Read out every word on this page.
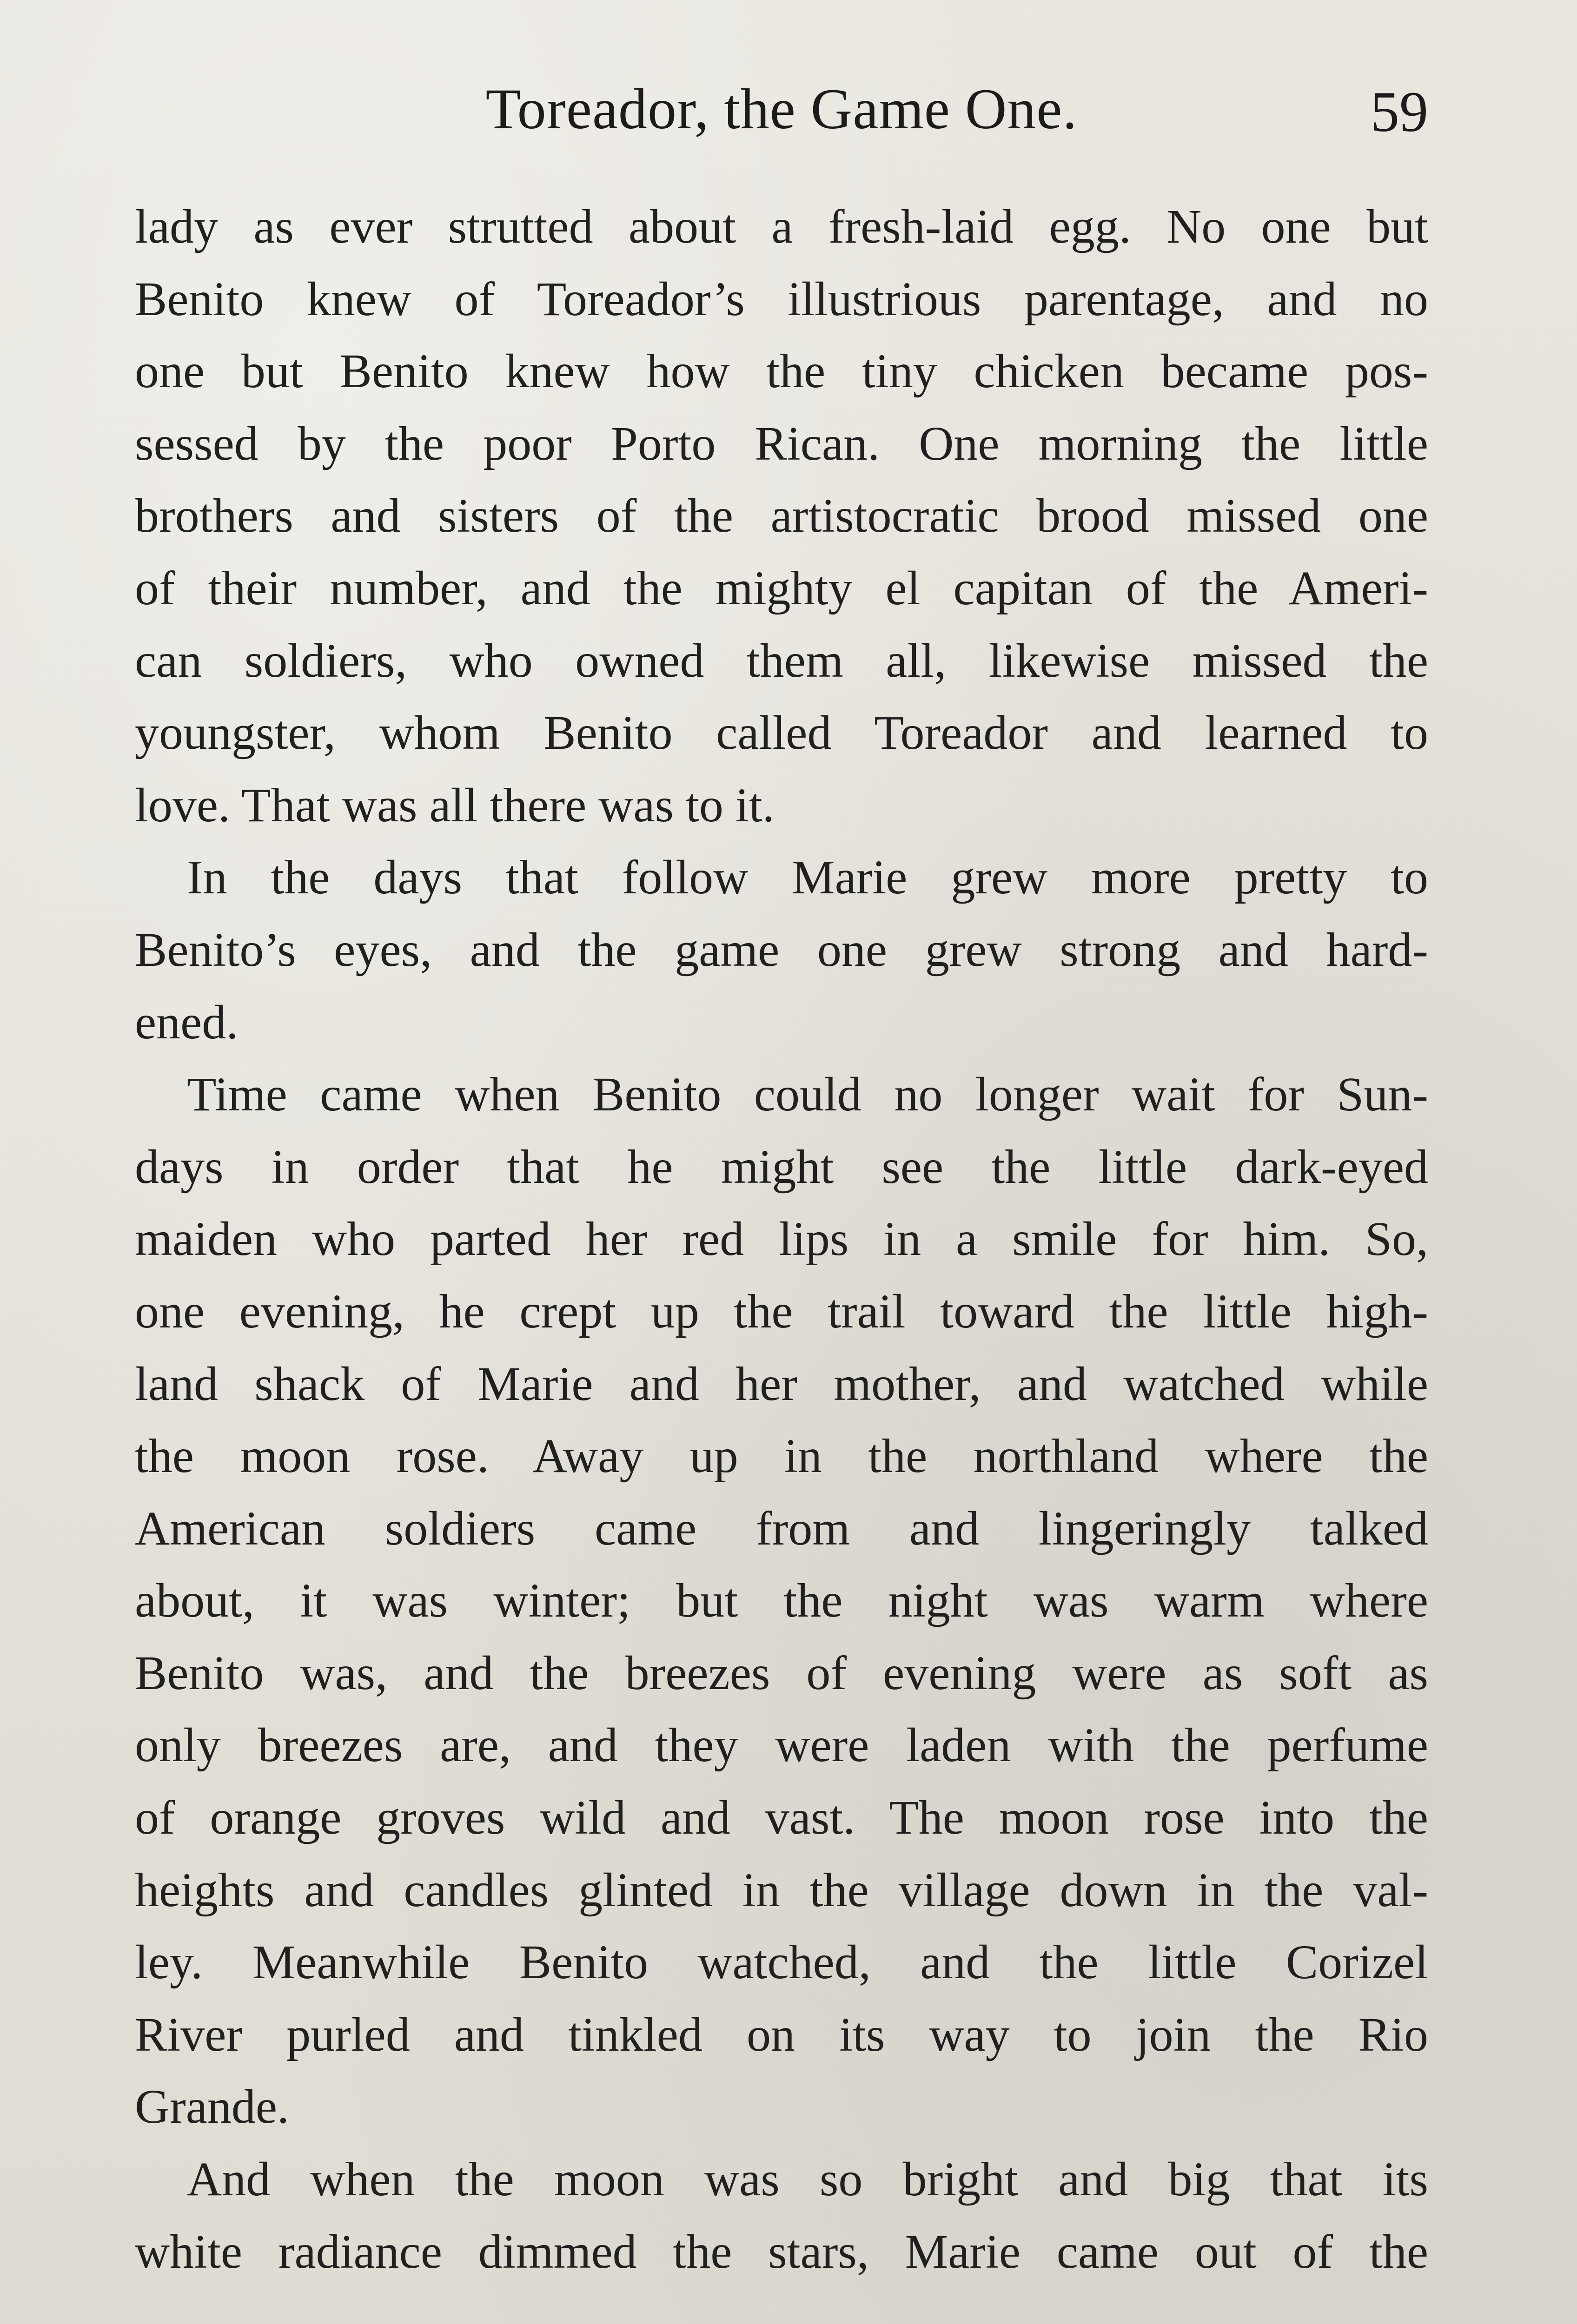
Toreador, the Game One.	59
lady as ever strutted about a fresh-laid egg. No one but
Benito knew of Toreador’s illustrious parentage, and no
one but Benito knew how the tiny chicken became pos-
sessed by the poor Porto Rican. One morning the little
brothers and sisters of the artistocratic brood missed one
of their number, and the mighty el capitan of the Ameri-
can soldiers, who owned them all, likewise missed the
youngster, whom Benito called Toreador and learned to
love. That was all there was to it.
In the days that follow Marie grew more pretty to
Benito’s eyes, and the game one grew strong and hard-
ened.
Time came when Benito could no longer wait for Sun-
days in order that he might see the little dark-eyed
maiden who parted her red lips in a smile for him. So,
one evening, he crept up the trail toward the little high-
land shack of Marie and her mother, and watched while
the moon rose. Away up in the northland where the
American soldiers came from and lingeringly talked
about, it was winter; but the night was warm where
Benito was, and the breezes of evening were as soft as
only breezes are, and they were laden with the perfume
of orange groves wild and vast. The moon rose into the
heights and candles glinted in the village down in the val-
ley. Meanwhile Benito watched, and the little Corizel
River purled and tinkled on its way to join the Rio
Grande.
And when the moon was so bright and big that its
white radiance dimmed the stars, Marie came out of the
